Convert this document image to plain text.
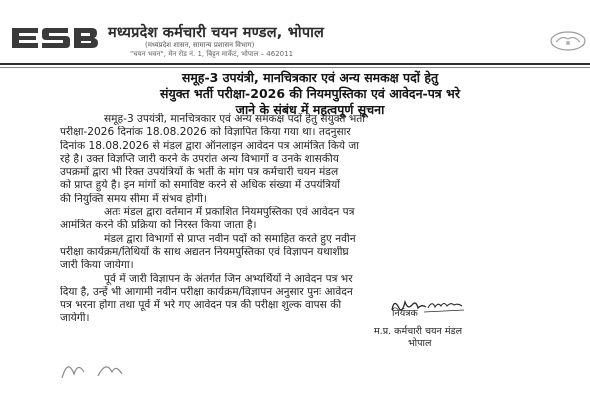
मध्यप्रदेश कर्मचारी चयन मण्डल, भोपाल
(मध्यप्रदेश शासन, सामान्य प्रशासन विभाग)
"चयन भवन", मेन रोड नं. 1, बिट्टन मार्केट, भोपाल – 462011
समूह-3 उपयंत्री, मानचित्रकार एवं अन्य समकक्ष पदों हेतु
संयुक्त भर्ती परीक्षा-2026 की नियमपुस्तिका एवं आवेदन-पत्र भरे
जाने के संबंध में महत्वपूर्ण सूचना
समूह-3 उपयंत्री, मानचित्रकार एवं अन्य समकक्ष पदों हेतु संयुक्त भर्ती
परीक्षा-2026 दिनांक 18.08.2026 को विज्ञापित किया गया था। तदनुसार
दिनांक 18.08.2026 से मंडल द्वारा ऑनलाइन आवेदन पत्र आमंत्रित किये जा
रहे है। उक्त विज्ञप्ति जारी करने के उपरांत अन्य विभागों व उनके शासकीय
उपक्रमों द्वारा भी रिक्त उपयंत्रियों के भर्ती के मांग पत्र कर्मचारी चयन मंडल
को प्राप्त हुये है। इन मांगों को समाविष्ट करने से अधिक संख्या में उपयंत्रियों
की नियुक्ति समय सीमा में संभव होगी।
अतः मंडल द्वारा वर्तमान में प्रकाशित नियमपुस्तिका एवं आवेदन पत्र
आमंत्रित करने की प्रक्रिया को निरस्त किया जाता है।
मंडल द्वारा विभागों से प्राप्त नवीन पदों को समाहित करते हुए नवीन
परीक्षा कार्यक्रम/तिथियों के साथ अद्यतन नियमपुस्तिका एवं विज्ञापन यथाशीघ्र
जारी किया जायेगा।
पूर्व में जारी विज्ञापन के अंतर्गत जिन अभ्यर्थियों ने आवेदन पत्र भर
दिया है, उन्हें भी आगामी नवीन परीक्षा कार्यक्रम/विज्ञापन अनुसार पुनः आवेदन
पत्र भरना होगा तथा पूर्व में भरे गए आवेदन पत्र की परीक्षा शुल्क वापस की
जायेगी।	नियंत्रक
म.प्र. कर्मचारी चयन मंडल
भोपाल
